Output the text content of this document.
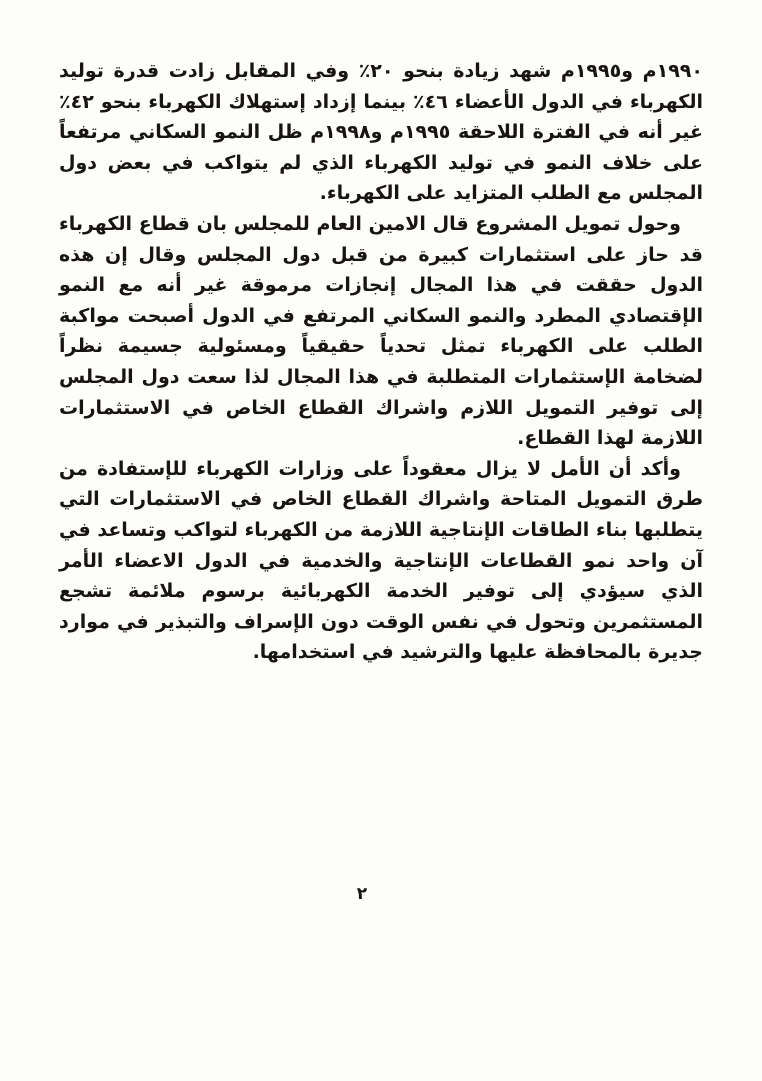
١٩٩٠م و١٩٩٥م شهد زيادة بنحو ٢٠٪ وفي المقابل زادت قدرة توليد الكهرباء في الدول الأعضاء ٤٦٪ بينما إزداد إستهلاك الكهرباء بنحو ٤٢٪ غير أنه في الفترة اللاحقة ١٩٩٥م و١٩٩٨م ظل النمو السكاني مرتفعاً على خلاف النمو في توليد الكهرباء الذي لم يتواكب في بعض دول المجلس مع الطلب المتزايد على الكهرباء.

وحول تمويل المشروع قال الامين العام للمجلس بان قطاع الكهرباء قد حاز على استثمارات كبيرة من قبل دول المجلس وقال إن هذه الدول حققت في هذا المجال إنجازات مرموقة غير أنه مع النمو الإقتصادي المطرد والنمو السكاني المرتفع في الدول أصبحت مواكبة الطلب على الكهرباء تمثل تحدياً حقيقياً ومسئولية جسيمة نظراً لضخامة الإستثمارات المتطلبة في هذا المجال لذا سعت دول المجلس إلى توفير التمويل اللازم واشراك القطاع الخاص في الاستثمارات اللازمة لهذا القطاع.

وأكد أن الأمل لا يزال معقوداً على وزارات الكهرباء للإستفادة من طرق التمويل المتاحة واشراك القطاع الخاص في الاستثمارات التي يتطلبها بناء الطاقات الإنتاجية اللازمة من الكهرباء لتواكب وتساعد في آن واحد نمو القطاعات الإنتاجية والخدمية في الدول الاعضاء الأمر الذي سيؤدي إلى توفير الخدمة الكهربائية برسوم ملائمة تشجع المستثمرين وتحول في نفس الوقت دون الإسراف والتبذير في موارد جديرة بالمحافظة عليها والترشيد في استخدامها.

٢
